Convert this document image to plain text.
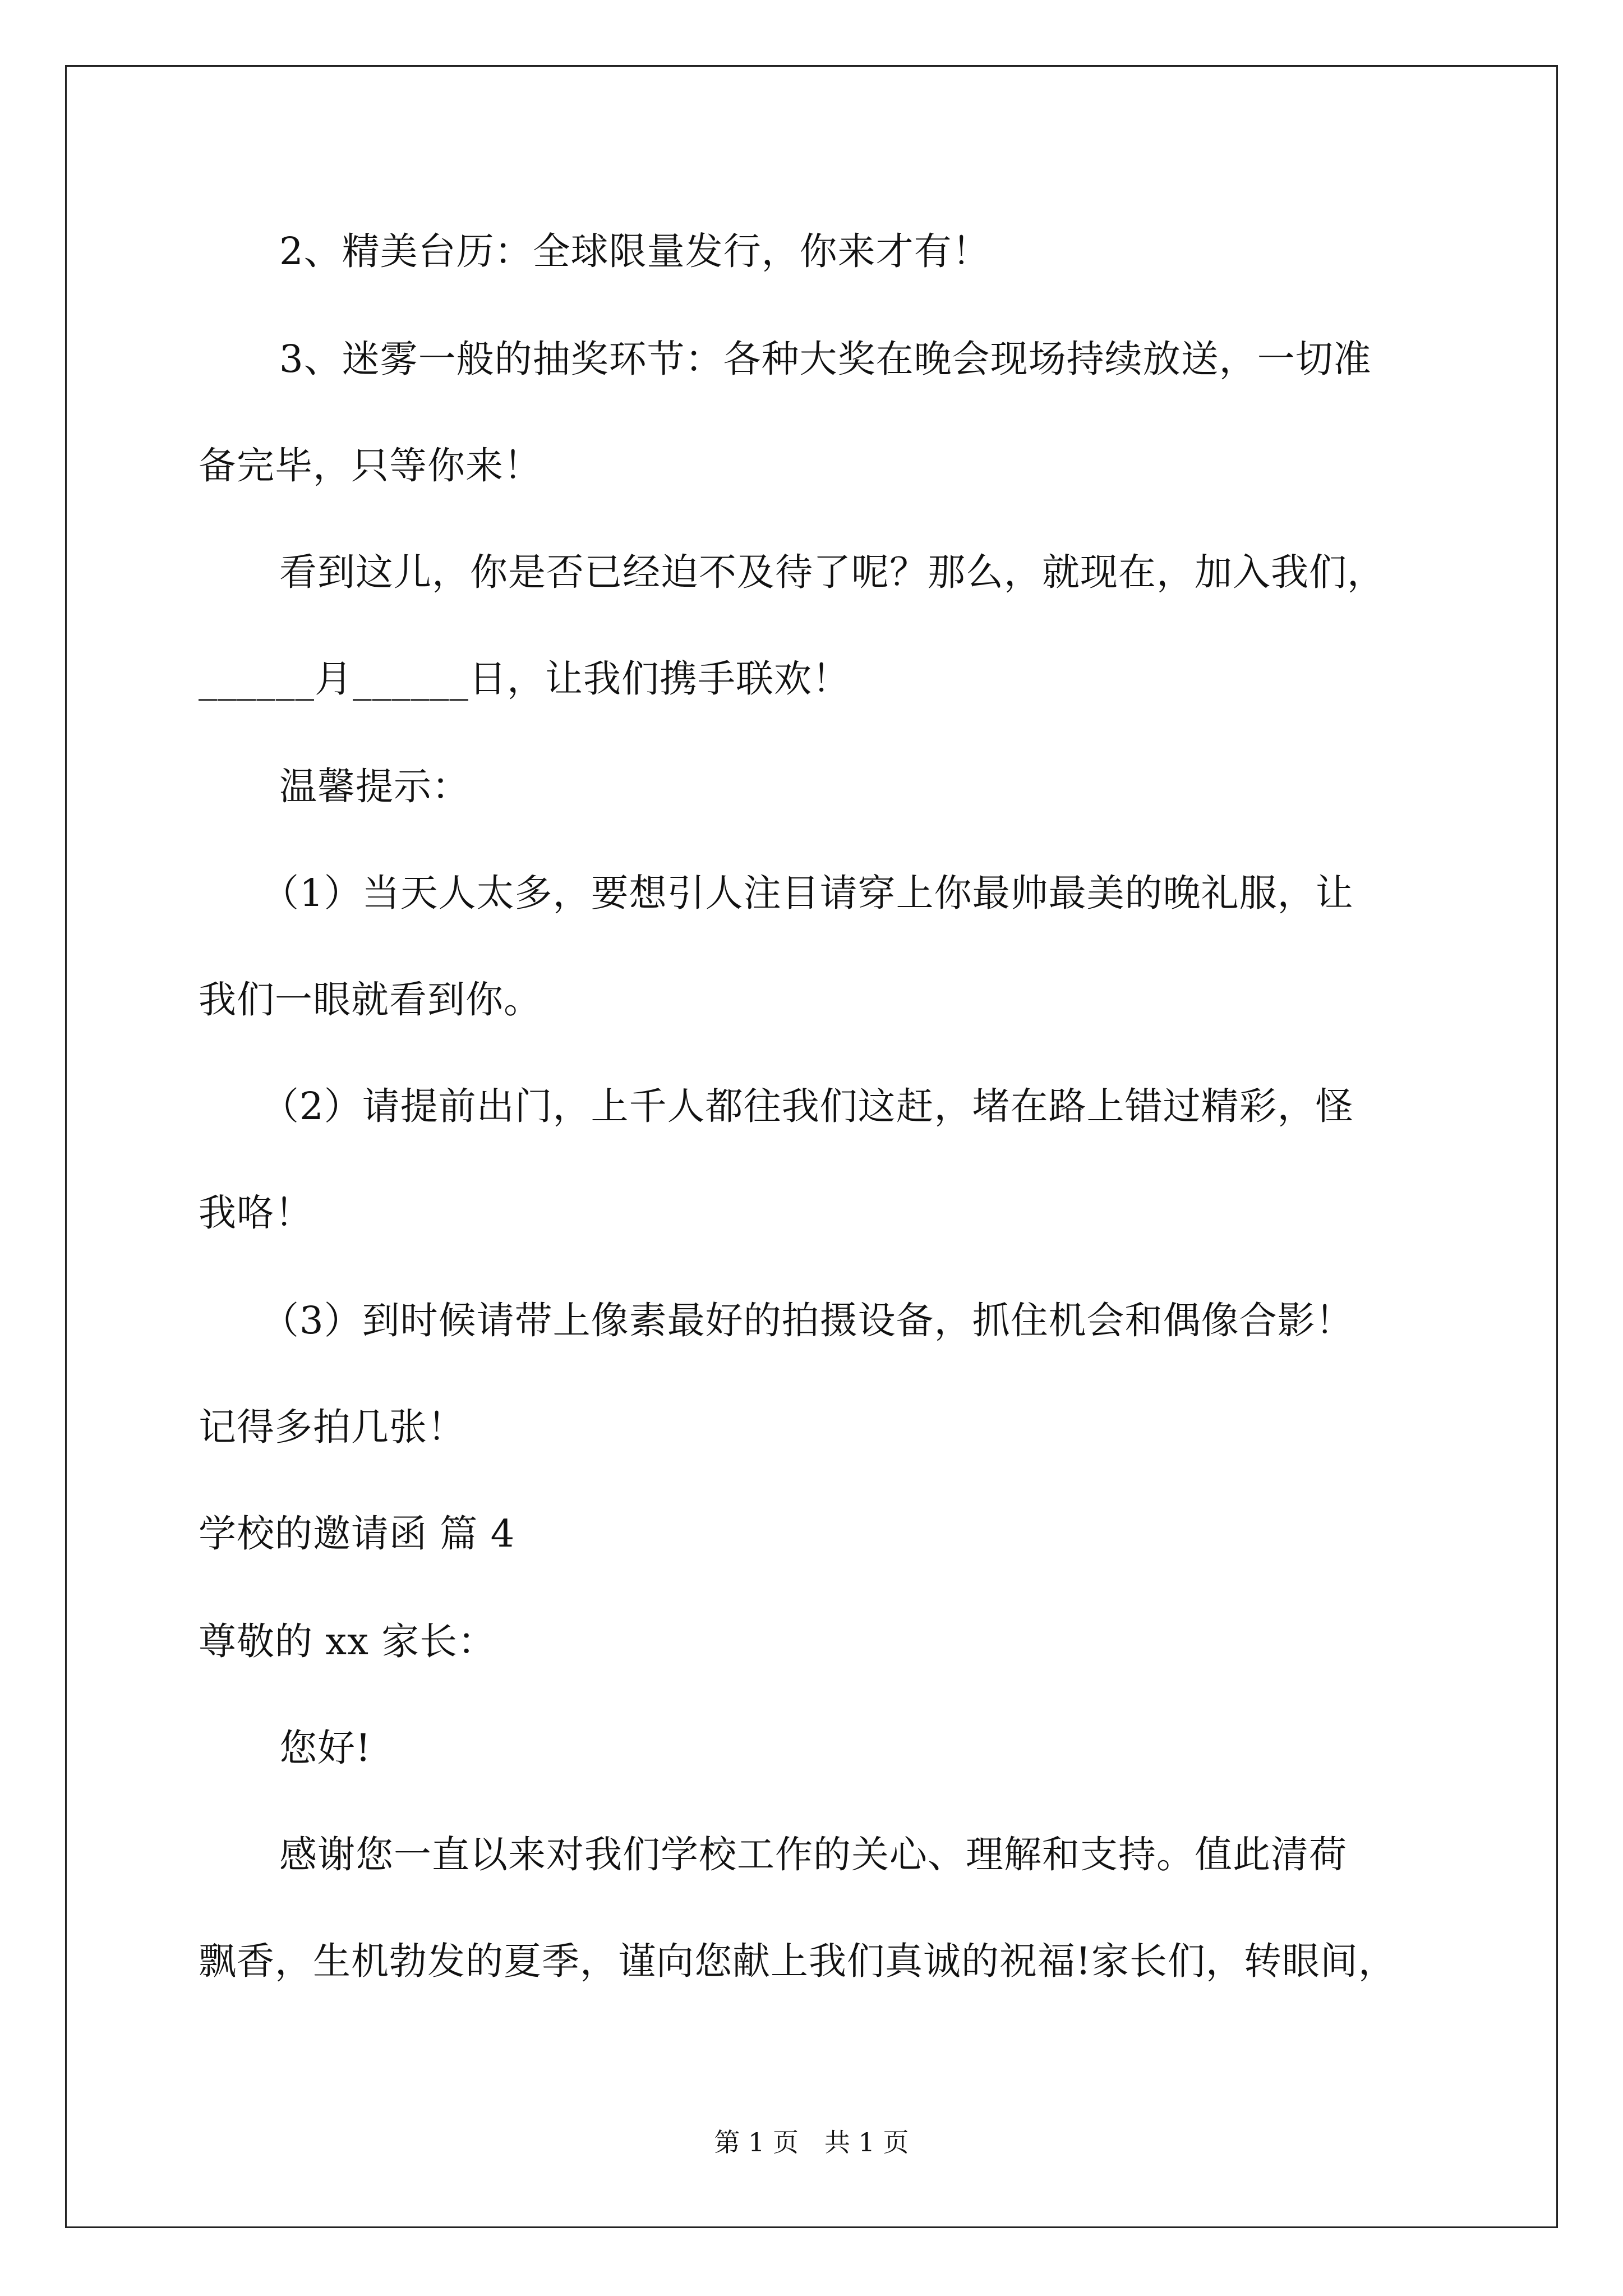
2、精美台历：全球限量发行，你来才有！
3、迷雾一般的抽奖环节：各种大奖在晚会现场持续放送，一切准
备完毕，只等你来！
看到这儿，你是否已经迫不及待了呢？那么，就现在，加入我们，
______月______日，让我们携手联欢！
温馨提示：
（1）当天人太多，要想引人注目请穿上你最帅最美的晚礼服，让
我们一眼就看到你。
（2）请提前出门，上千人都往我们这赶，堵在路上错过精彩，怪
我咯！
（3）到时候请带上像素最好的拍摄设备，抓住机会和偶像合影！
记得多拍几张！
学校的邀请函 篇 4
尊敬的 xx 家长：
您好!
感谢您一直以来对我们学校工作的关心、理解和支持。值此清荷
飘香，生机勃发的夏季，谨向您献上我们真诚的祝福!家长们，转眼间，
第 1 页　共 1 页
